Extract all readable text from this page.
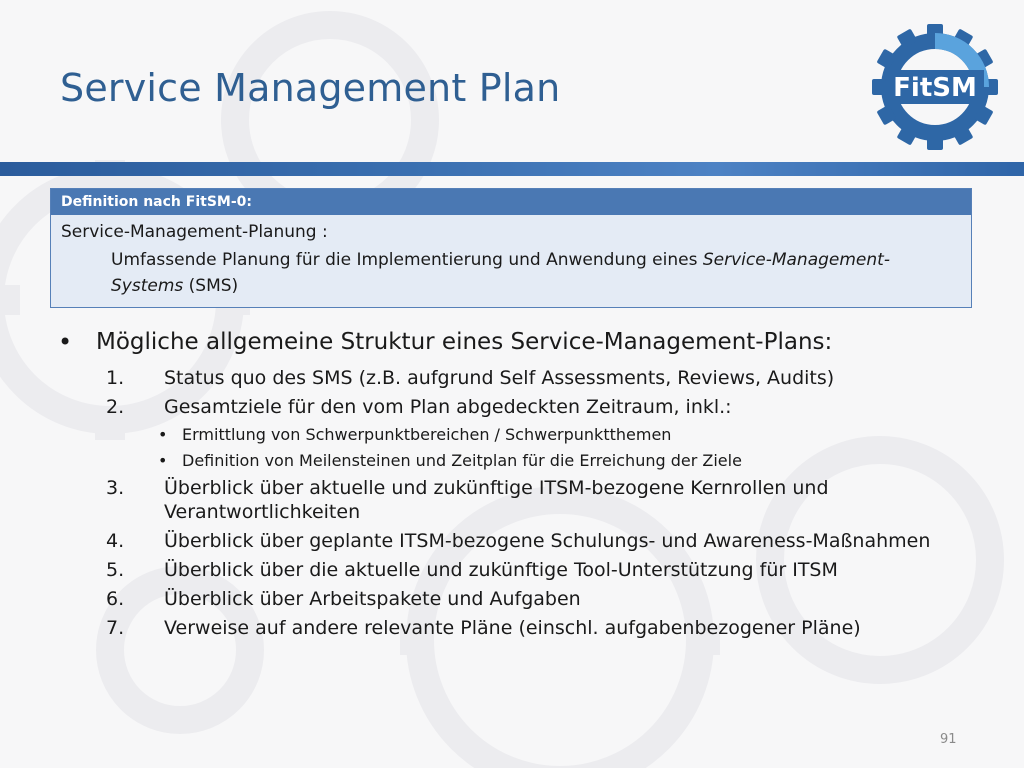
Service Management Plan	FitSM
Definition nach FitSM-0:
Service-Management-Planung :
Umfassende Planung für die Implementierung und Anwendung eines Service-Management-Systems (SMS)
•	Mögliche allgemeine Struktur eines Service-Management-Plans:
1.	Status quo des SMS (z.B. aufgrund Self Assessments, Reviews, Audits)
2.	Gesamtziele für den vom Plan abgedeckten Zeitraum, inkl.:
• Ermittlung von Schwerpunktbereichen / Schwerpunktthemen
• Definition von Meilensteinen und Zeitplan für die Erreichung der Ziele
3.	Überblick über aktuelle und zukünftige ITSM-bezogene Kernrollen und Verantwortlichkeiten
4.	Überblick über geplante ITSM-bezogene Schulungs- und Awareness-Maßnahmen
5.	Überblick über die aktuelle und zukünftige Tool-Unterstützung für ITSM
6.	Überblick über Arbeitspakete und Aufgaben
7.	Verweise auf andere relevante Pläne (einschl. aufgabenbezogener Pläne)
91
